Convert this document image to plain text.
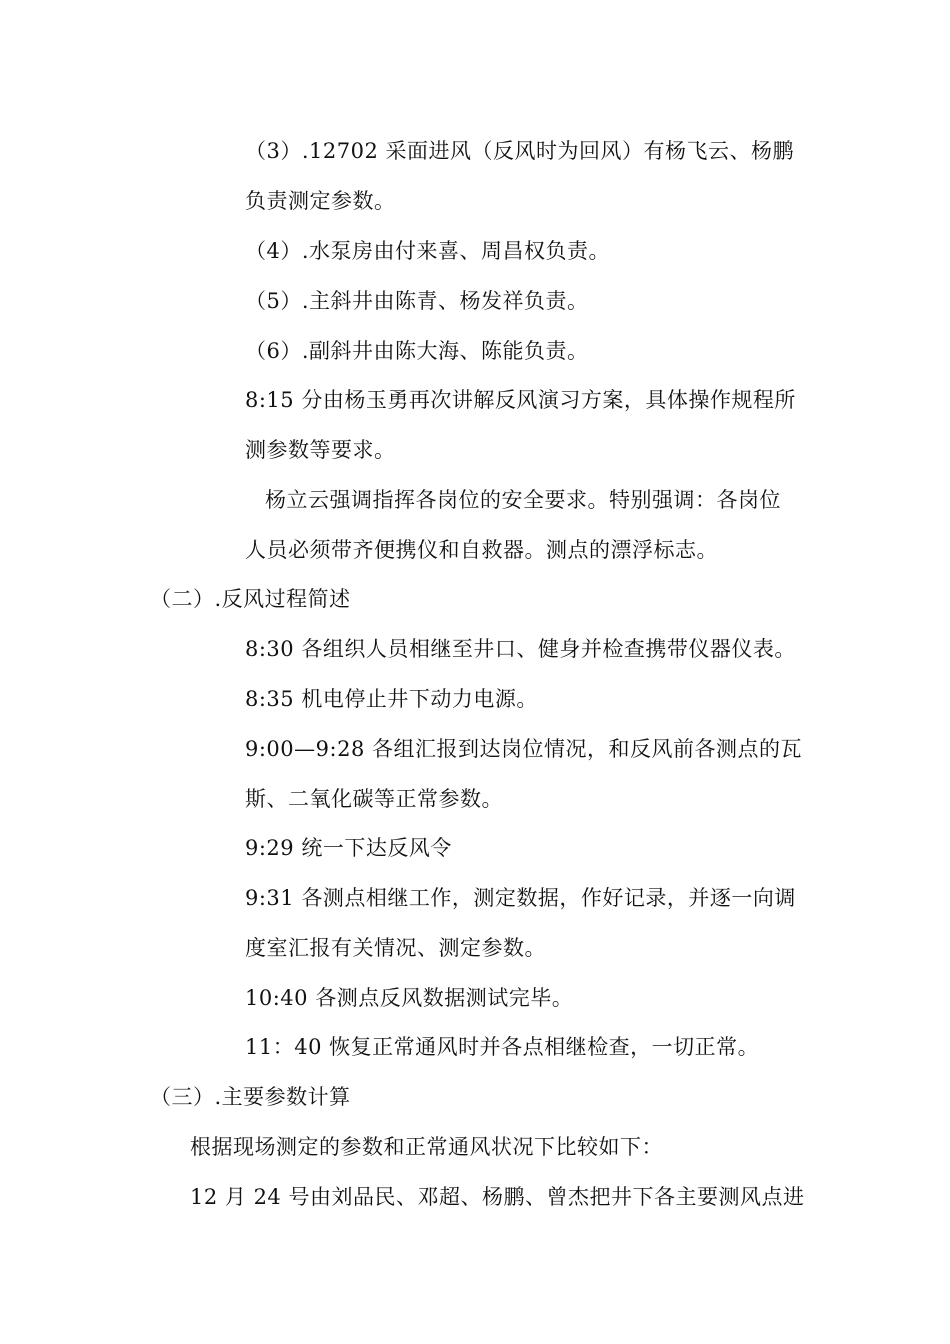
（3）.12702 采面进风（反风时为回风）有杨飞云、杨鹏
负责测定参数。
（4）.水泵房由付来喜、周昌权负责。
（5）.主斜井由陈青、杨发祥负责。
（6）.副斜井由陈大海、陈能负责。
8:15 分由杨玉勇再次讲解反风演习方案，具体操作规程所
测参数等要求。
杨立云强调指挥各岗位的安全要求。特别强调：各岗位
人员必须带齐便携仪和自救器。测点的漂浮标志。
（二）.反风过程简述
8:30 各组织人员相继至井口、健身并检查携带仪器仪表。
8:35 机电停止井下动力电源。
9:00—9:28 各组汇报到达岗位情况，和反风前各测点的瓦
斯、二氧化碳等正常参数。
9:29 统一下达反风令
9:31 各测点相继工作，测定数据，作好记录，并逐一向调
度室汇报有关情况、测定参数。
10:40 各测点反风数据测试完毕。
11：40 恢复正常通风时并各点相继检查，一切正常。
（三）.主要参数计算
根据现场测定的参数和正常通风状况下比较如下：
12 月 24 号由刘品民、邓超、杨鹏、曾杰把井下各主要测风点进
